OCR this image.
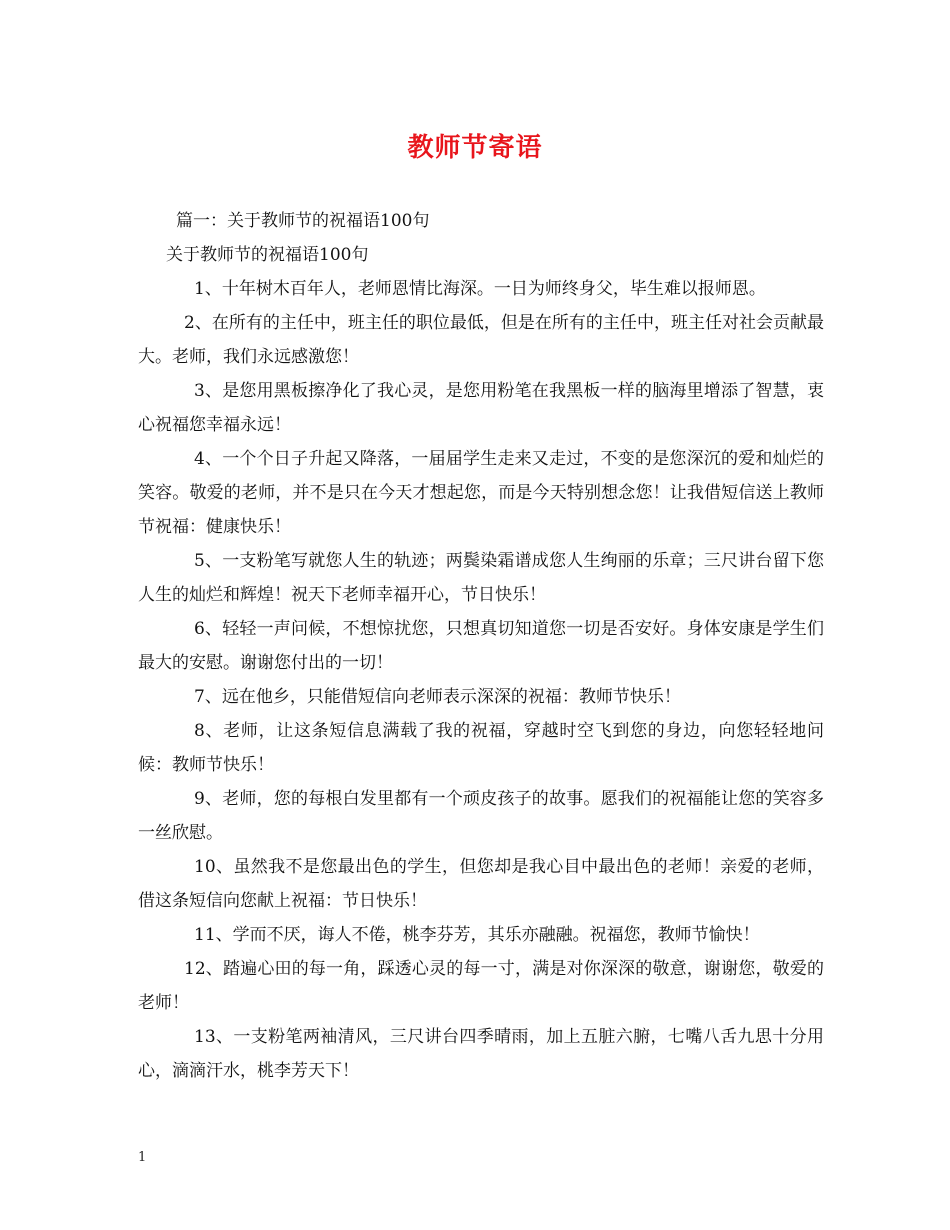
教师节寄语

篇一：关于教师节的祝福语100句

关于教师节的祝福语100句

1、十年树木百年人，老师恩情比海深。一日为师终身父，毕生难以报师恩。

2、在所有的主任中，班主任的职位最低，但是在所有的主任中，班主任对社会贡献最大。老师，我们永远感激您！

3、是您用黑板擦净化了我心灵，是您用粉笔在我黑板一样的脑海里增添了智慧，衷心祝福您幸福永远！

4、一个个日子升起又降落，一届届学生走来又走过，不变的是您深沉的爱和灿烂的笑容。敬爱的老师，并不是只在今天才想起您，而是今天特别想念您！让我借短信送上教师节祝福：健康快乐！

5、一支粉笔写就您人生的轨迹；两鬓染霜谱成您人生绚丽的乐章；三尺讲台留下您人生的灿烂和辉煌！祝天下老师幸福开心，节日快乐！

6、轻轻一声问候，不想惊扰您，只想真切知道您一切是否安好。身体安康是学生们最大的安慰。谢谢您付出的一切！

7、远在他乡，只能借短信向老师表示深深的祝福：教师节快乐！

8、老师，让这条短信息满载了我的祝福，穿越时空飞到您的身边，向您轻轻地问候：教师节快乐！

9、老师，您的每根白发里都有一个顽皮孩子的故事。愿我们的祝福能让您的笑容多一丝欣慰。

10、虽然我不是您最出色的学生，但您却是我心目中最出色的老师！亲爱的老师，借这条短信向您献上祝福：节日快乐！

11、学而不厌，诲人不倦，桃李芬芳，其乐亦融融。祝福您，教师节愉快！

12、踏遍心田的每一角，踩透心灵的每一寸，满是对你深深的敬意，谢谢您，敬爱的老师！

13、一支粉笔两袖清风，三尺讲台四季晴雨，加上五脏六腑，七嘴八舌九思十分用心，滴滴汗水，桃李芳天下！

1
